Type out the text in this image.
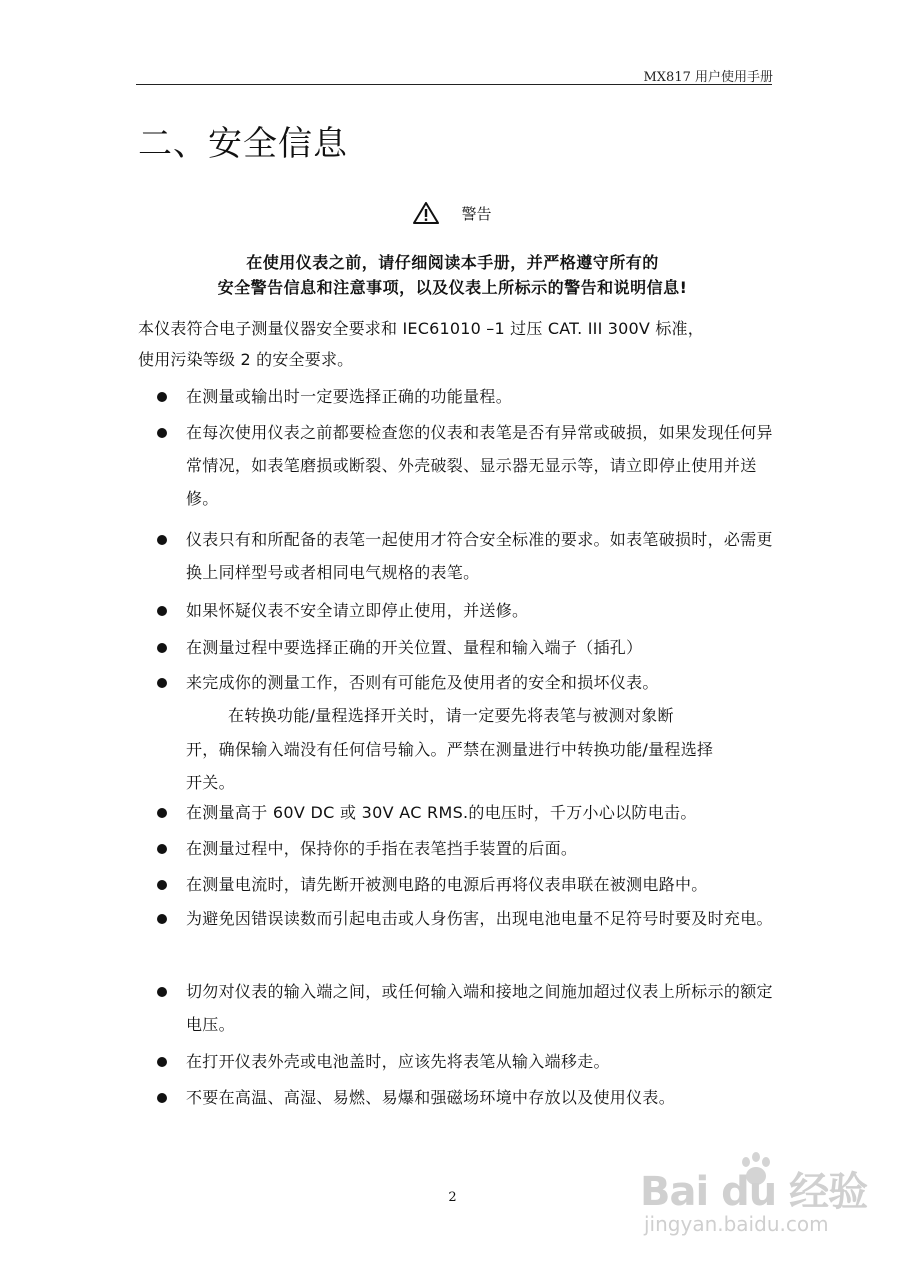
MX817 用户使用手册
二、安全信息
警告
在使用仪表之前，请仔细阅读本手册，并严格遵守所有的
安全警告信息和注意事项，以及仪表上所标示的警告和说明信息!
本仪表符合电子测量仪器安全要求和 IEC61010 –1 过压 CAT. III 300V 标准，
使用污染等级 2 的安全要求。
在测量或输出时一定要选择正确的功能量程。
在每次使用仪表之前都要检查您的仪表和表笔是否有异常或破损，如果发现任何异常情况，如表笔磨损或断裂、外壳破裂、显示器无显示等，请立即停止使用并送修。
仪表只有和所配备的表笔一起使用才符合安全标准的要求。如表笔破损时，必需更换上同样型号或者相同电气规格的表笔。
如果怀疑仪表不安全请立即停止使用，并送修。
在测量过程中要选择正确的开关位置、量程和输入端子（插孔）
来完成你的测量工作，否则有可能危及使用者的安全和损坏仪表。
在转换功能/量程选择开关时，请一定要先将表笔与被测对象断
开，确保输入端没有任何信号输入。严禁在测量进行中转换功能/量程选择
开关。
在测量高于 60V DC 或 30V AC RMS.的电压时，千万小心以防电击。
在测量过程中，保持你的手指在表笔挡手装置的后面。
在测量电流时，请先断开被测电路的电源后再将仪表串联在被测电路中。
为避免因错误读数而引起电击或人身伤害，出现电池电量不足符号时要及时充电。
切勿对仪表的输入端之间，或任何输入端和接地之间施加超过仪表上所标示的额定电压。
在打开仪表外壳或电池盖时，应该先将表笔从输入端移走。
不要在高温、高湿、易燃、易爆和强磁场环境中存放以及使用仪表。
2	Bai du 经验
jingyan.baidu.com
